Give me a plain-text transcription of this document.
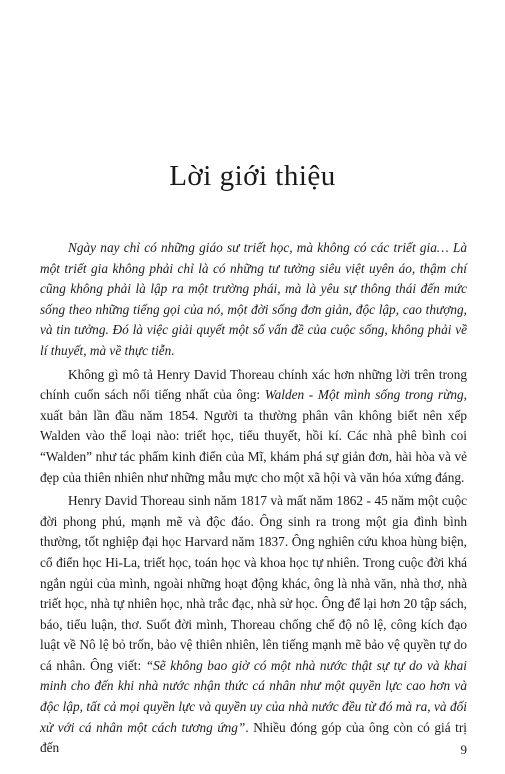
Lời giới thiệu

Ngày nay chỉ có những giáo sư triết học, mà không có các triết gia… Là một triết gia không phải chỉ là có những tư tưởng siêu việt uyên áo, thậm chí cũng không phải là lập ra một trường phái, mà là yêu sự thông thái đến mức sống theo những tiếng gọi của nó, một đời sống đơn giản, độc lập, cao thượng, và tin tưởng. Đó là việc giải quyết một số vấn đề của cuộc sống, không phải về lí thuyết, mà về thực tiễn.

Không gì mô tả Henry David Thoreau chính xác hơn những lời trên trong chính cuốn sách nổi tiếng nhất của ông: Walden - Một mình sống trong rừng, xuất bản lần đầu năm 1854. Người ta thường phân vân không biết nên xếp Walden vào thể loại nào: triết học, tiểu thuyết, hồi kí. Các nhà phê bình coi “Walden” như tác phẩm kinh điển của Mĩ, khám phá sự giản đơn, hài hòa và vẻ đẹp của thiên nhiên như những mẫu mực cho một xã hội và văn hóa xứng đáng.

Henry David Thoreau sinh năm 1817 và mất năm 1862 - 45 năm một cuộc đời phong phú, mạnh mẽ và độc đáo. Ông sinh ra trong một gia đình bình thường, tốt nghiệp đại học Harvard năm 1837. Ông nghiên cứu khoa hùng biện, cổ điển học Hi-La, triết học, toán học và khoa học tự nhiên. Trong cuộc đời khá ngắn ngủi của mình, ngoài những hoạt động khác, ông là nhà văn, nhà thơ, nhà triết học, nhà tự nhiên học, nhà trắc đạc, nhà sử học. Ông để lại hơn 20 tập sách, báo, tiểu luận, thơ. Suốt đời mình, Thoreau chống chế độ nô lệ, công kích đạo luật về Nô lệ bỏ trốn, bảo vệ thiên nhiên, lên tiếng mạnh mẽ bảo vệ quyền tự do cá nhân. Ông viết: “Sẽ không bao giờ có một nhà nước thật sự tự do và khai minh cho đến khi nhà nước nhận thức cá nhân như một quyền lực cao hơn và độc lập, tất cả mọi quyền lực và quyền uy của nhà nước đều từ đó mà ra, và đối xử với cá nhân một cách tương ứng”. Nhiều đóng góp của ông còn có giá trị đến	9
